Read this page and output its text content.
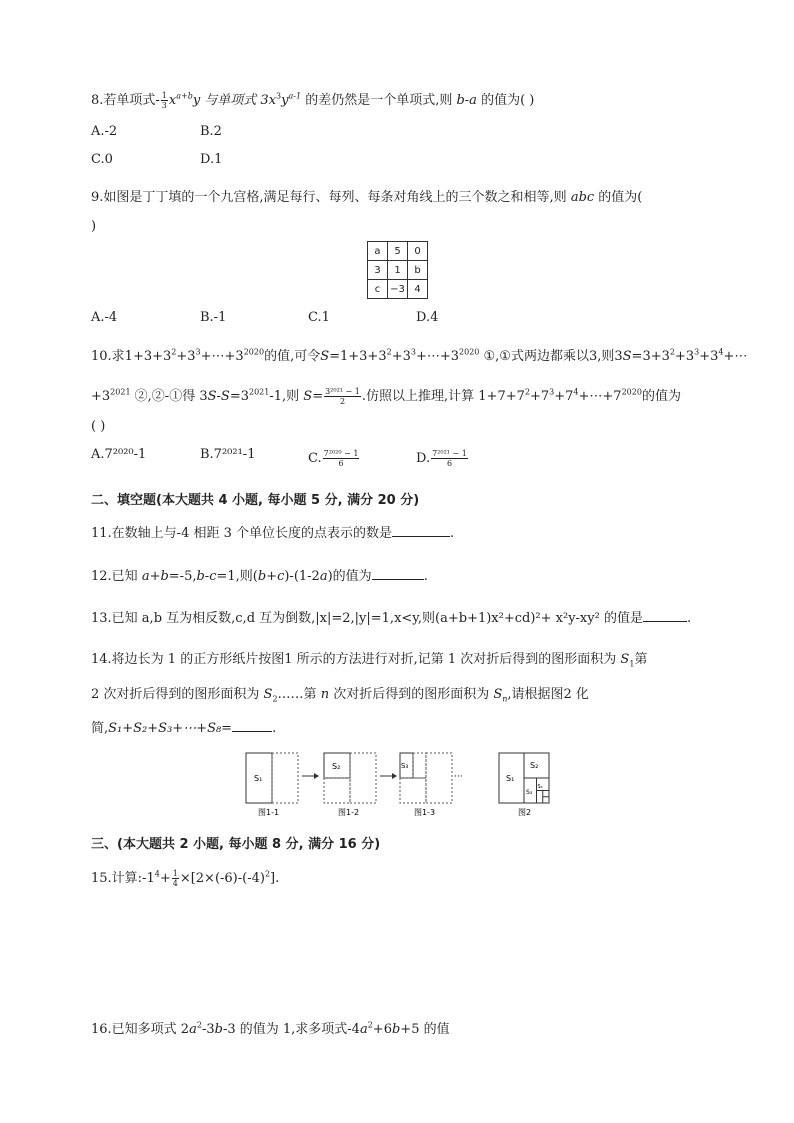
8.若单项式- $\frac{1}{3} x^{a+b}y$ 与单项式 $3x^3y^{a-1}$ 的差仍然是一个单项式,则 b-a 的值为( )
A.-2	B.2
C.0	D.1
9.如图是丁丁填的一个九宫格,满足每行、每列、每条对角线上的三个数之和相等,则 abc 的值为(
)
a	5	0
3	1	b
c	−3	4
A.-4	B.-1	C.1	D.4
10.求$1+3+3^2+3^3+\cdots+3^{2020}$的值,可令$S=1+3+3^2+3^3+\cdots+3^{2020}$ ①,①式两边都乘以3,则$3S=3+3^2+3^3+3^4+\cdots$
$+3^{2021}$ ②,②-①得 $3S-S=3^{2021}-1$,则 $S= \frac{\text{3²⁰²¹ − 1}}{2}$ .仿照以上推理,计算 $1+7+7^2+7^3+7^4+\cdots+7^{2020}$的值为
( )
A.7²⁰²⁰-1	B.7²⁰²¹-1	C. $\frac{\text{7²⁰²⁰ − 1}}{6}$	D. $\frac{\text{7²⁰²¹ − 1}}{6}$
二、填空题(本大题共 4 小题, 每小题 5 分, 满分 20 分)
11.在数轴上与-4 相距 3 个单位长度的点表示的数是	.
12.已知 a+b=-5,b-c=1,则(b+c)-(1-2a)的值为	.
13.已知 a,b 互为相反数,c,d 互为倒数,|x|=2,|y|=1,x<y,则(a+b+1)x²+cd)²+ x²y-xy² 的值是	.
14.将边长为 1 的正方形纸片按图1 所示的方法进行对折,记第 1 次对折后得到的图形面积为 $S_1$第
2 次对折后得到的图形面积为 $S_2\dots\dots$第 n 次对折后得到的图形面积为 $S_n$,请根据图2 化
简,S₁+S₂+S₃+⋯+S₈=	.
S₁
图1-1
S₂
图1-2
S₃
图1-3
···	S₁
S₂
S₃
S₄
图2
三、(本大题共 2 小题, 每小题 8 分, 满分 16 分)
15.计算$:-1^4+ \frac{1}{4} \times[2\times(-6)-(-4)^2]$.
16.已知多项式 $2a^2-3b-3$ 的值为 1,求多项式$-4a^2+6b+5$ 的值
